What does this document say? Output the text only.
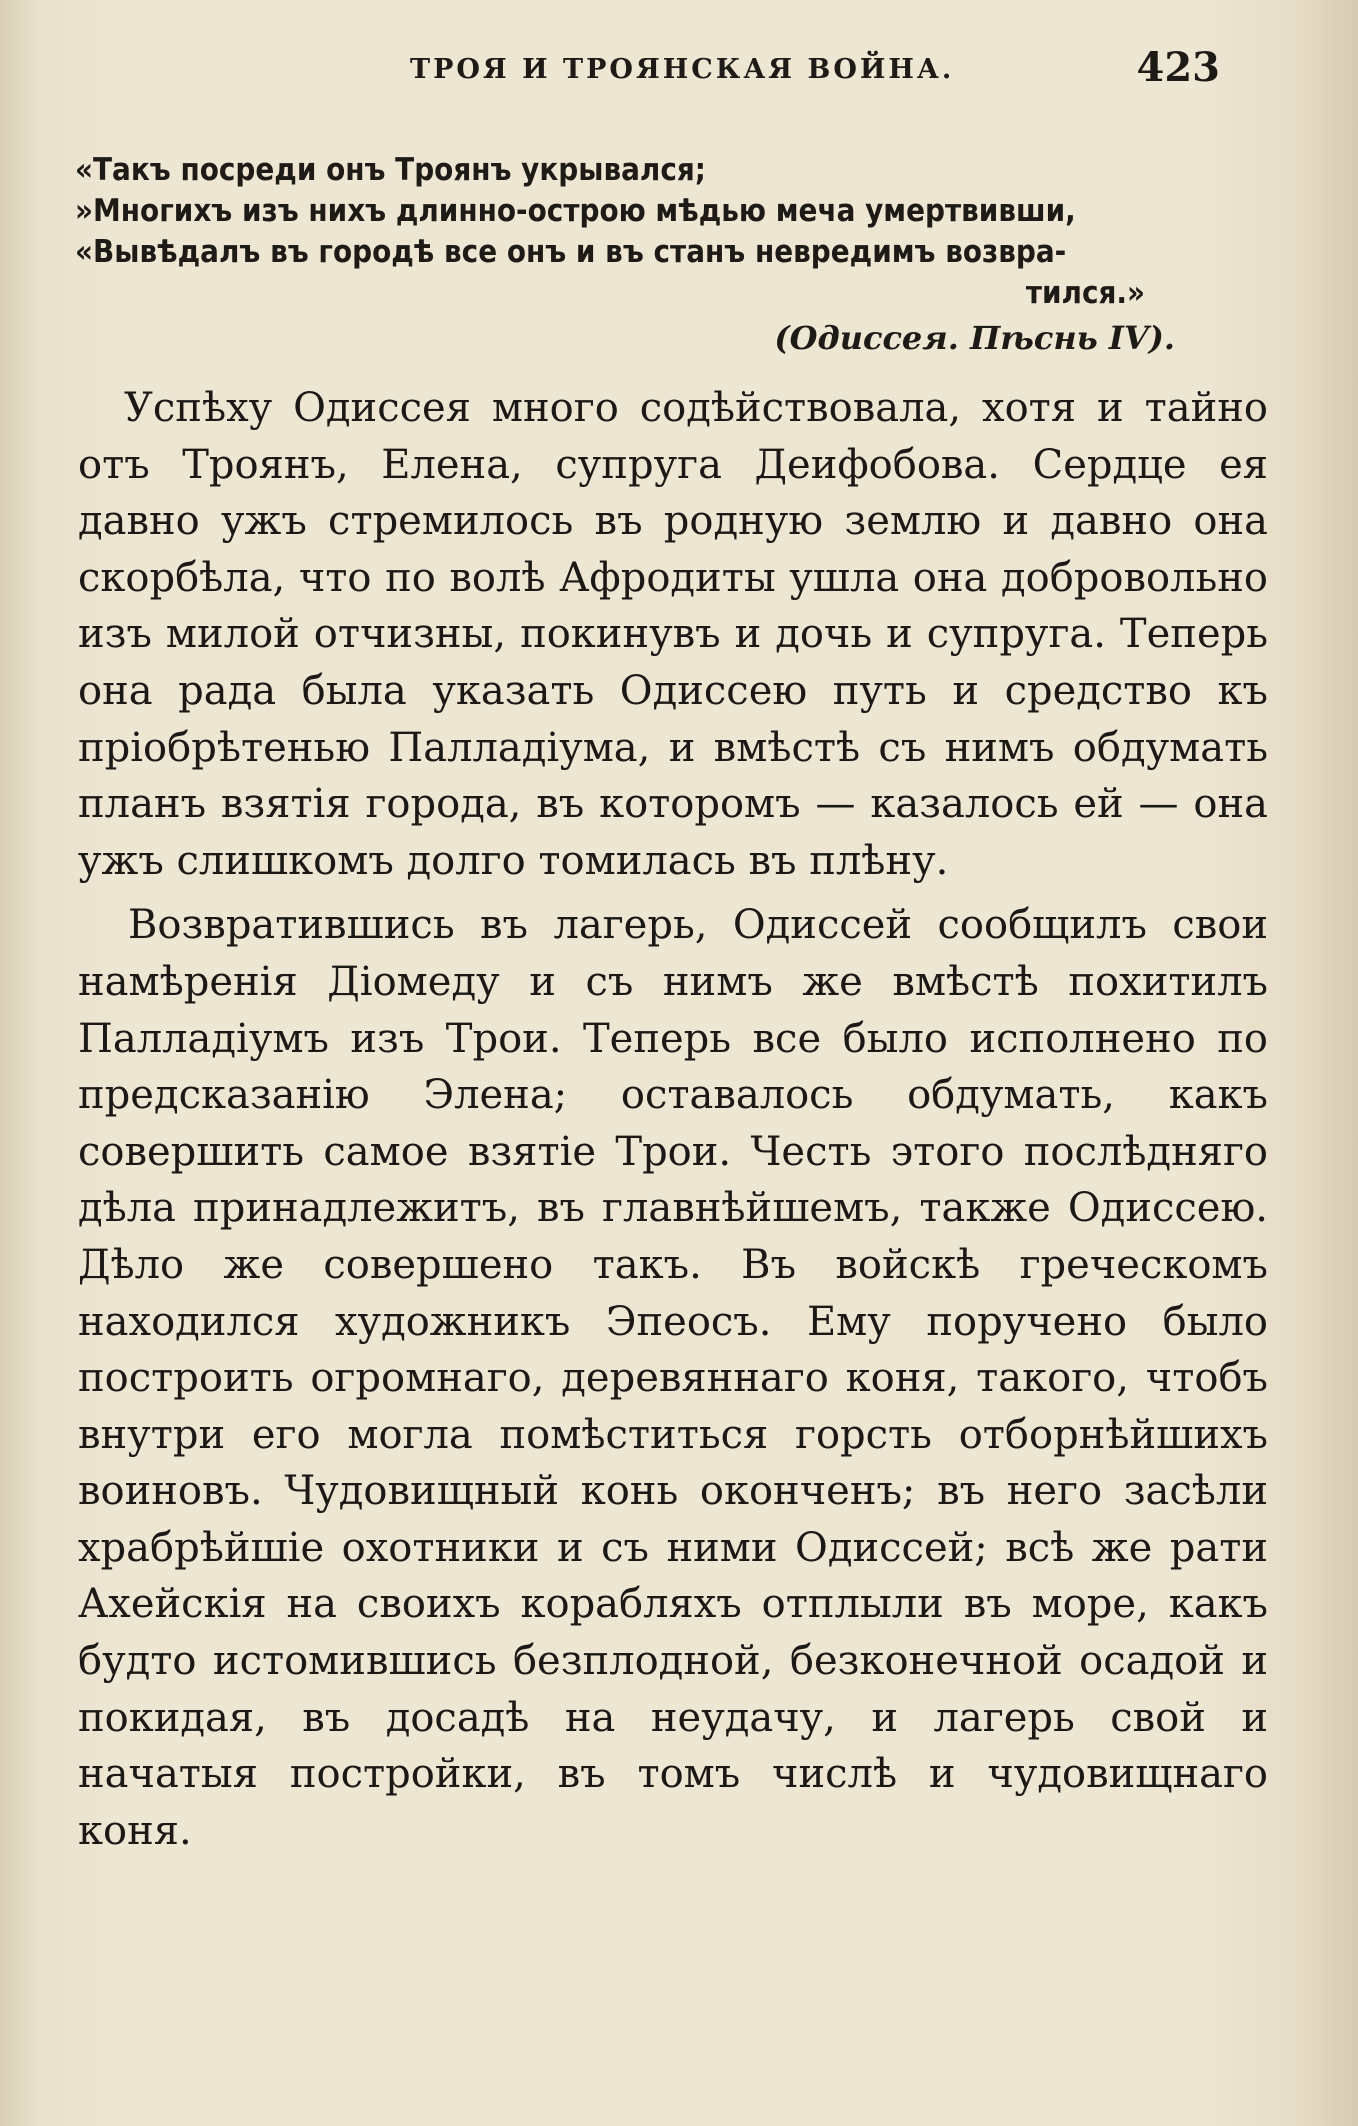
ТРОЯ И ТРОЯНСКАЯ ВОЙНА.	423
«Такъ посреди онъ Троянъ укрывался;
»Многихъ изъ нихъ длинно-острою мѣдью меча умертвивши,
«Вывѣдалъ въ городѣ все онъ и въ станъ невредимъ возвра-
тился.»
(Одиссея. Пѣснь IV).

Успѣху Одиссея много содѣйствовала, хотя и тайно отъ Троянъ, Елена, супруга Деифобова. Сердце ея давно ужъ стремилось въ родную землю и давно она скорбѣла, что по волѣ Афродиты ушла она добровольно изъ милой отчизны, покинувъ и дочь и супруга. Теперь она рада была указать Одиссею путь и средство къ пріобрѣтенью Палладіума, и вмѣстѣ съ нимъ обдумать планъ взятія города, въ которомъ — казалось ей — она ужъ слишкомъ долго томилась въ плѣну.

Возвратившись въ лагерь, Одиссей сообщилъ свои намѣренія Діомеду и съ нимъ же вмѣстѣ похитилъ Палладіумъ изъ Трои. Теперь все было исполнено по предсказанію Элена; оставалось обдумать, какъ совершить самое взятіе Трои. Честь этого послѣдняго дѣла принадлежитъ, въ главнѣйшемъ, также Одиссею. Дѣло же совершено такъ. Въ войскѣ греческомъ находился художникъ Эпеосъ. Ему поручено было построить огромнаго, деревяннаго коня, такого, чтобъ внутри его могла помѣститься горсть отборнѣйшихъ воиновъ. Чудовищный конь оконченъ; въ него засѣли храбрѣйшіе охотники и съ ними Одиссей; всѣ же рати Ахейскія на своихъ корабляхъ отплыли въ море, какъ будто истомившись безплодной, безконечной осадой и покидая, въ досадѣ на неудачу, и лагерь свой и начатыя постройки, въ томъ числѣ и чудовищнаго коня.
